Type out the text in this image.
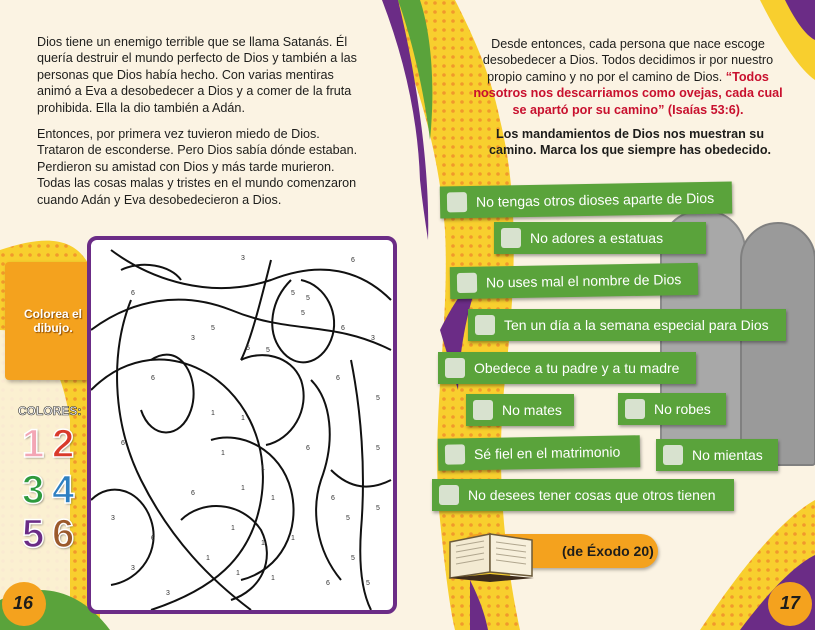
Dios tiene un enemigo terrible que se llama Satanás. Él quería destruir el mundo perfecto de Dios y también a las personas que Dios había hecho. Con varias mentiras animó a Eva a desobedecer a Dios y a comer de la fruta prohibida. Ella la dio también a Adán.
Entonces, por primera vez tuvieron miedo de Dios. Trataron de esconderse. Pero Dios sabía dónde estaban. Perdieron su amistad con Dios y más tarde murieron. Todas las cosas malas y tristes en el mundo comenzaron cuando Adán y Eva desobedecieron a Dios.
Colorea el dibujo.
COLORES:
1 2
3 4
5 6
3	6
6	5
5
5
6
3
5 5
5
6
3
6
1
6
1
5
1
6
1
3
1
5
1
6
6
1
1
5
1
5
6	1
5
1
3
1
6	5
3
16	17
Desde entonces, cada persona que nace escoge desobedecer a Dios. Todos decidimos ir por nuestro propio camino y no por el camino de Dios. “Todos nosotros nos descarriamos como ovejas, cada cual se apartó por su camino” (Isaías 53:6).
Los mandamientos de Dios nos muestran su camino. Marca los que siempre has obedecido.
No tengas otros dioses aparte de Dios
No adores a estatuas
No uses mal el nombre de Dios
Ten un día a la semana especial para Dios
Obedece a tu padre y a tu madre
No mates	No robes
Sé fiel en el matrimonio	No mientas
No desees tener cosas que otros tienen
(de Éxodo 20)
